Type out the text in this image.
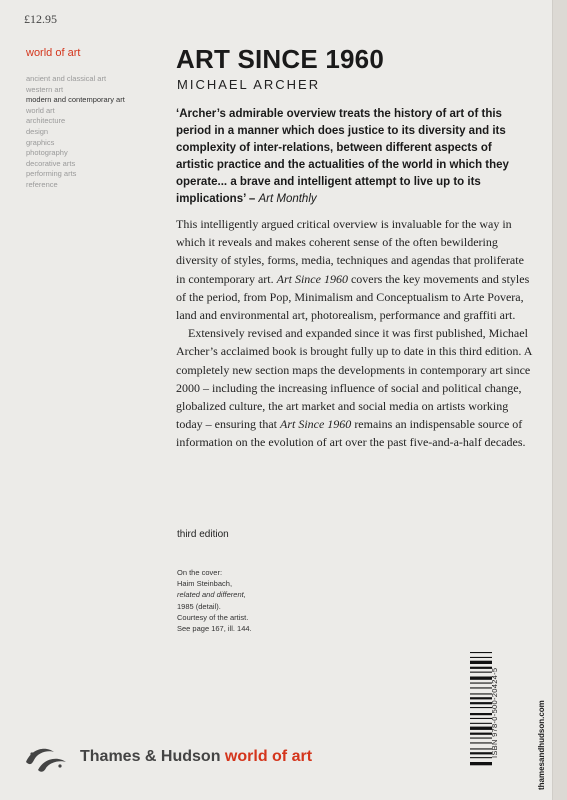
£12.95
world of art
ancient and classical art
western art
modern and contemporary art
world art
architecture
design
graphics
photography
decorative arts
performing arts
reference
ART SINCE 1960
MICHAEL ARCHER

‘Archer’s admirable overview treats the history of art of this period in a manner which does justice to its diversity and its complexity of inter-relations, between different aspects of artistic practice and the actualities of the world in which they operate... a brave and intelligent attempt to live up to its implications’ – Art Monthly

This intelligently argued critical overview is invaluable for the way in which it reveals and makes coherent sense of the often bewildering diversity of styles, forms, media, techniques and agendas that proliferate in contemporary art. Art Since 1960 covers the key movements and styles of the period, from Pop, Minimalism and Conceptualism to Arte Povera, land and environmental art, photorealism, performance and graffiti art.

Extensively revised and expanded since it was first published, Michael Archer’s acclaimed book is brought fully up to date in this third edition. A completely new section maps the developments in contemporary art since 2000 – including the increasing influence of social and political change, globalized culture, the art market and social media on artists working today – ensuring that Art Since 1960 remains an indispensable source of information on the evolution of art over the past five-and-a-half decades.

third edition
On the cover:
Haim Steinbach,
related and different,
1985 (detail).
Courtesy of the artist.
See page 167, ill. 144.
ISBN 978-0-500-20424-5	thamesandhudson.com
Thames & Hudson world of art
